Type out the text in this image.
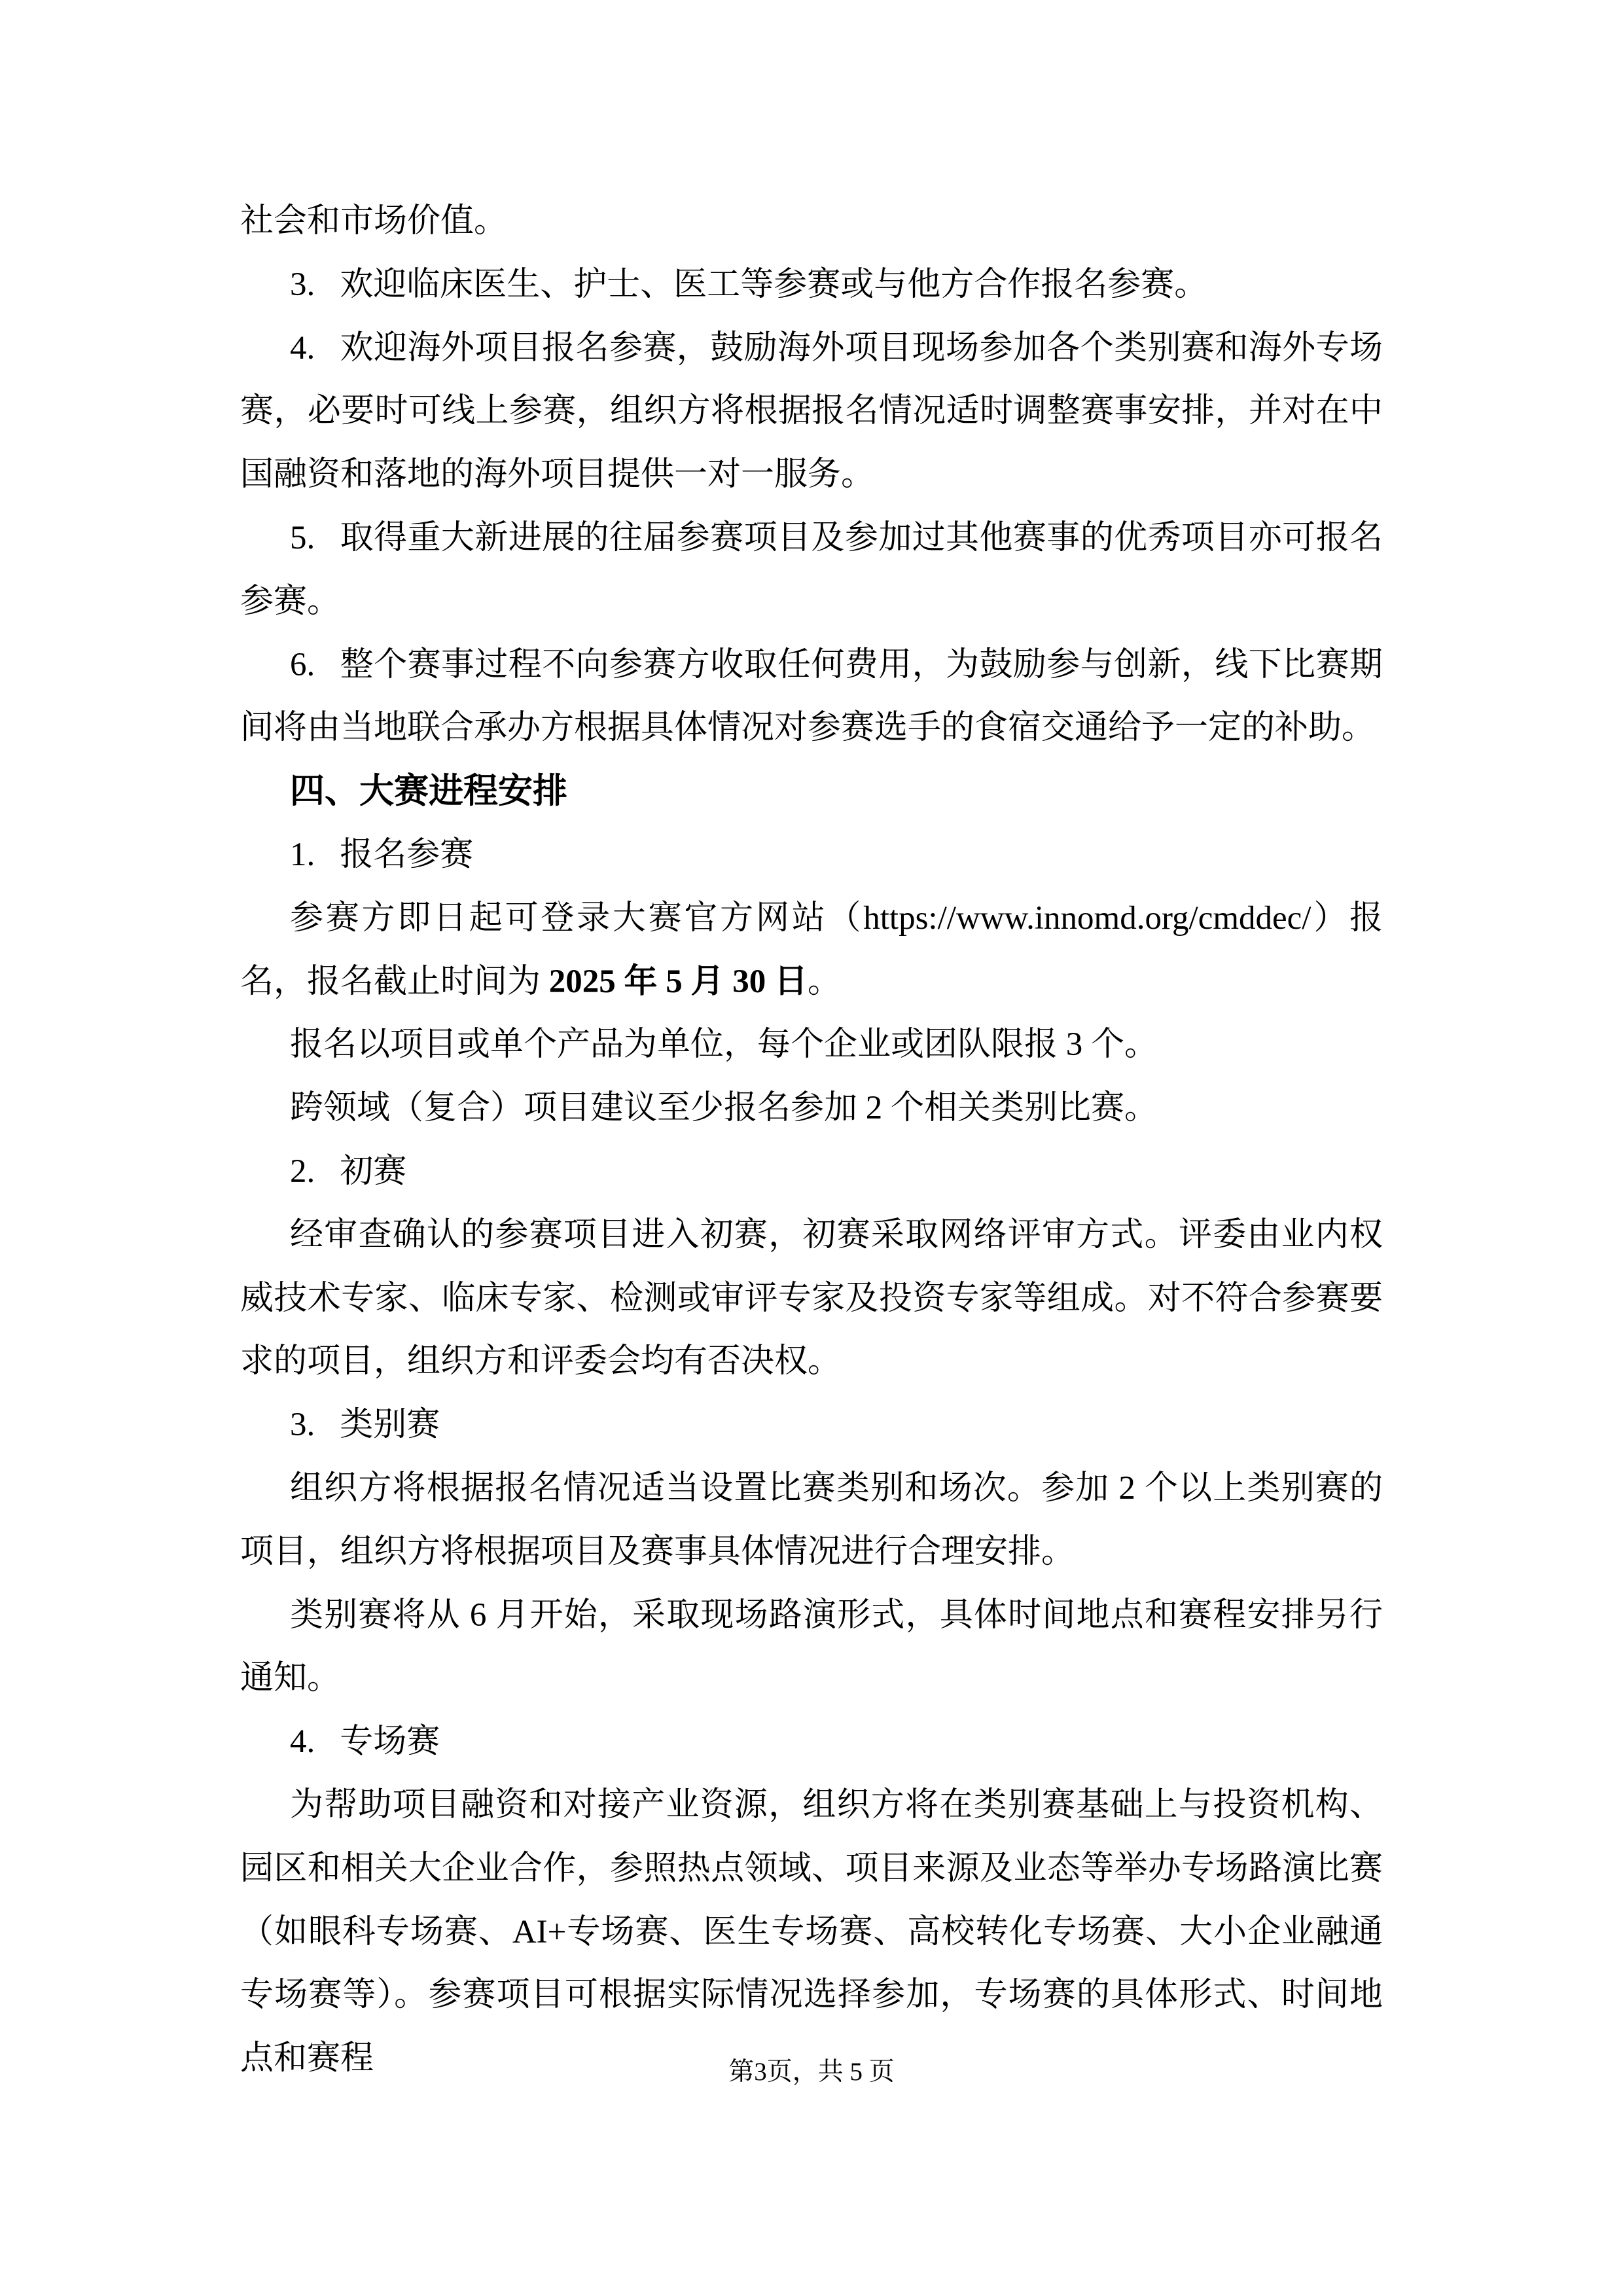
社会和市场价值。

3. 欢迎临床医生、护士、医工等参赛或与他方合作报名参赛。

4. 欢迎海外项目报名参赛，鼓励海外项目现场参加各个类别赛和海外专场赛，必要时可线上参赛，组织方将根据报名情况适时调整赛事安排，并对在中国融资和落地的海外项目提供一对一服务。

5. 取得重大新进展的往届参赛项目及参加过其他赛事的优秀项目亦可报名参赛。

6. 整个赛事过程不向参赛方收取任何费用，为鼓励参与创新，线下比赛期间将由当地联合承办方根据具体情况对参赛选手的食宿交通给予一定的补助。

四、大赛进程安排

1. 报名参赛

参赛方即日起可登录大赛官方网站（https://www.innomd.org/cmddec/）报名，报名截止时间为 2025 年 5 月 30 日。

报名以项目或单个产品为单位，每个企业或团队限报 3 个。

跨领域（复合）项目建议至少报名参加 2 个相关类别比赛。

2. 初赛

经审查确认的参赛项目进入初赛，初赛采取网络评审方式。评委由业内权威技术专家、临床专家、检测或审评专家及投资专家等组成。对不符合参赛要求的项目，组织方和评委会均有否决权。

3. 类别赛

组织方将根据报名情况适当设置比赛类别和场次。参加 2 个以上类别赛的项目，组织方将根据项目及赛事具体情况进行合理安排。

类别赛将从 6 月开始，采取现场路演形式，具体时间地点和赛程安排另行通知。

4. 专场赛

为帮助项目融资和对接产业资源，组织方将在类别赛基础上与投资机构、园区和相关大企业合作，参照热点领域、项目来源及业态等举办专场路演比赛（如眼科专场赛、AI+专场赛、医生专场赛、高校转化专场赛、大小企业融通专场赛等）。参赛项目可根据实际情况选择参加，专场赛的具体形式、时间地点和赛程	第3页，共 5 页
